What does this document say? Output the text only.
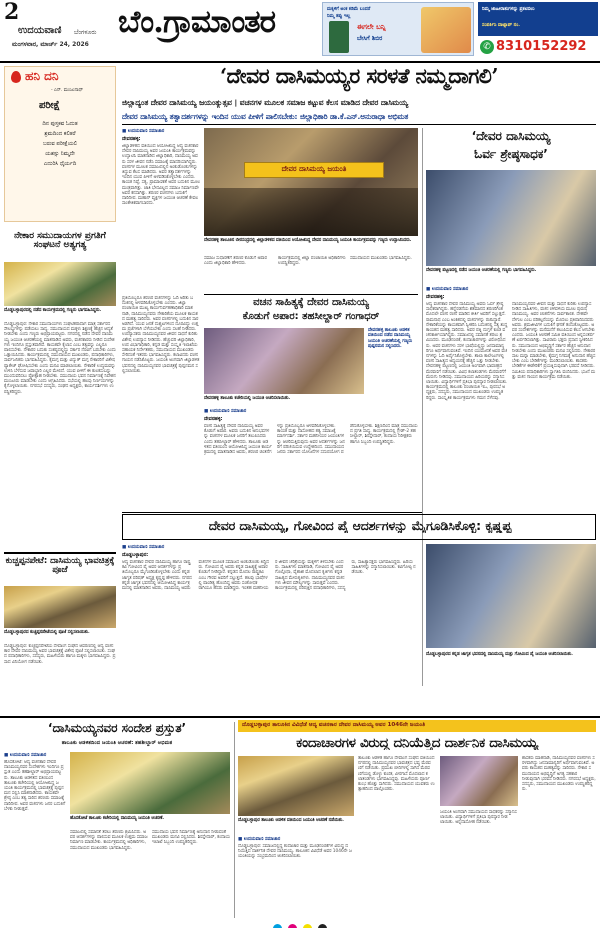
2
ಉದಯವಾಣಿ ಬೆಂಗಳೂರು
ಮಂಗಳವಾರ, ಮಾರ್ಚ್ 24, 2026
ಬೆಂ.ಗ್ರಾಮಾಂತರ	ಮಕ್ಕಳಿಗೆ ಅಂಕ ಕಡಿಮೆ ಬಂದರೆ
ನಿಮ್ಮ ತಪ್ಪು ಇಲ್ಲ
ಈಗಲೇ ಬನ್ನಿ
ಬೇಸಿಗೆ ಶಿಬಿರ
ನಿಮ್ಮ ಜಾಹೀರಾತುಗಳನ್ನು ಪ್ರಕಟಿಸಲು
ಸಂಪರ್ಕಿಸಿ ವಾಟ್ಸಾಪ್ ನಂ.
✆ 8310152292
ಹನಿ ದನಿ
- ಎನ್. ಮಂಜುನಾಥ್
ಪರೀಕ್ಷೆ
ದಿನ ಪುಸ್ತಕವ ಓದುತ
ಶ್ರಮದಿಂದ ಕಲಿತರೆ
ಬರುವ ಪರೀಕ್ಷೆಯಲಿ
ಯಶಸ್ಸು ನಿಮ್ಮದೇ
ಎದುರಿಸಿ ಧೈರ್ಯದಿ
ನೇಕಾರ ಸಮುದಾಯಗಳ ಪ್ರಗತಿಗೆ ಸಂಘಟನೆ ಅತ್ಯಗತ್ಯ
ದೊಡ್ಡಬಳ್ಳಾಪುರದಲ್ಲಿ ನಡೆದ ಕಾರ್ಯಕ್ರಮದಲ್ಲಿ ಗಣ್ಯರು ಭಾಗವಹಿಸಿದ್ದರು.
ದೊಡ್ಡಬಳ್ಳಾಪುರ: ನೇಕಾರ ಸಮುದಾಯಗಳು ಸಂಘಟಿತರಾದಾಗ ಮಾತ್ರ ಸರ್ಕಾರದ ಸೌಲಭ್ಯಗಳನ್ನು ಪಡೆಯಲು ಸಾಧ್ಯ. ಸಮುದಾಯದ ಮಕ್ಕಳು ಶಿಕ್ಷಣಕ್ಕೆ ಹೆಚ್ಚಿನ ಆದ್ಯತೆ ನೀಡಬೇಕು ಎಂದು ಗಣ್ಯರು ಅಭಿಪ್ರಾಯಪಟ್ಟರು. ನಗರದಲ್ಲಿ ನಡೆದ ದೇವರ ದಾಸಿಮಯ್ಯ ಜಯಂತಿ ಆಚರಣೆಯಲ್ಲಿ ಮಾತನಾಡಿದ ಅವರು, ವಚನಕಾರರು ನೀಡಿದ ಸಂದೇಶಗಳು ಇಂದಿಗೂ ಪ್ರಸ್ತುತವಾಗಿವೆ. ಕಾಯಕವೇ ಕೈಲಾಸ ಎಂಬ ತತ್ವವನ್ನು ಎಲ್ಲರೂ ಪಾಲಿಸಬೇಕು. ನೇಕಾರರ ಬದುಕು ಸಂಕಷ್ಟದಲ್ಲಿದ್ದು ಸರ್ಕಾರ ನೆರವಿಗೆ ಬರಬೇಕು ಎಂದು ಒತ್ತಾಯಿಸಿದರು. ಕಾರ್ಯಕ್ರಮದಲ್ಲಿ ಸಮುದಾಯದ ಮುಖಂಡರು, ಪದಾಧಿಕಾರಿಗಳು, ಸಾರ್ವಜನಿಕರು ಭಾಗವಹಿಸಿದ್ದರು. ಕೈಮಗ್ಗ ಮತ್ತು ವಿದ್ಯುತ್ ಮಗ್ಗ ನೇಕಾರರಿಗೆ ವಿಶೇಷ ಪ್ಯಾಕೇಜ್ ಘೋಷಿಸಬೇಕು ಎಂದು ಮನವಿ ಮಾಡಲಾಯಿತು. ನೇಕಾರಿಕೆ ಉದ್ಯಮವನ್ನು ಉಳಿಸಿ ಬೆಳೆಸುವ ಜವಾಬ್ದಾರಿ ಎಲ್ಲರ ಮೇಲಿದೆ. ಯುವ ಪೀಳಿಗೆ ಈ ಕುಲಕಸುಬನ್ನು ಮುಂದುವರಿಸಲು ಪ್ರೋತ್ಸಾಹ ನೀಡಬೇಕು. ಸಮುದಾಯ ಭವನ ನಿರ್ಮಾಣಕ್ಕೆ ನಿವೇಶನ ಮಂಜೂರು ಮಾಡಬೇಕು ಎಂದು ಆಗ್ರಹಿಸಿದರು. ಸಭೆಯಲ್ಲಿ ಹಲವು ನಿರ್ಣಯಗಳನ್ನು ಕೈಗೊಳ್ಳಲಾಯಿತು. ನಗರಸಭೆ ಸದಸ್ಯರು, ಸಂಘದ ಅಧ್ಯಕ್ಷರು, ಕಾರ್ಯದರ್ಶಿಗಳು ಉಪಸ್ಥಿತರಿದ್ದರು.
ಕುಚ್ಚಪ್ಪನಪೇಟೆ: ದಾಸಿಮಯ್ಯ ಭಾವಚಿತ್ರಕ್ಕೆ ಪೂಜೆ
ದೊಡ್ಡಬಳ್ಳಾಪುರದ ಕುಚ್ಚಪ್ಪನಪೇಟೆಯಲ್ಲಿ ಪೂಜೆ ಸಲ್ಲಿಸಲಾಯಿತು.
ದೊಡ್ಡಬಳ್ಳಾಪುರ: ಕುಚ್ಚಪ್ಪನಪೇಟೆಯ ದೇವಾಂಗ ಸಂಘದ ಆವರಣದಲ್ಲಿ ಆದ್ಯ ವಚನಕಾರ ದೇವರ ದಾಸಿಮಯ್ಯ ಅವರ ಭಾವಚಿತ್ರಕ್ಕೆ ವಿಶೇಷ ಪೂಜೆ ಸಲ್ಲಿಸಲಾಯಿತು. ಸಂಘದ ಪದಾಧಿಕಾರಿಗಳು, ಸದಸ್ಯರು, ಮಹಿಳೆಯರು ಹಾಗೂ ಮಕ್ಕಳು ಭಾಗವಹಿಸಿದ್ದರು. ಪ್ರಸಾದ ವಿನಿಯೋಗ ನಡೆಯಿತು.
‘ದೇವರ ದಾಸಿಮಯ್ಯರ ಸರಳತೆ ನಮ್ಮದಾಗಲಿ’
ಜಿಲ್ಲಾದ್ಯಂತ ದೇವರ ದಾಸಿಮಯ್ಯ ಜಯಂತ್ಯುತ್ಸವ | ವಚನಗಳ ಮೂಲಕ ಸಮಾಜ ಕಟ್ಟುವ ಕೆಲಸ ಮಾಡಿದ ದೇವರ ದಾಸಿಮಯ್ಯ
ದೇವರ ದಾಸಿಮಯ್ಯ ತತ್ವಾದರ್ಶಗಳನ್ನು ಇಂದಿನ ಯುವ ಪೀಳಿಗೆ ಪಾಲಿಸಬೇಕು: ಜಿಲ್ಲಾಧಿಕಾರಿ ಡಾ.ಕೆ.ಎನ್.ಅನುರಾಧಾ ಅಭಿಮತ
■ ಉದಯವಾಣಿ ಸಮಾಚಾರ
ದೇವನಹಳ್ಳಿ:
ಜಿಲ್ಲಾಡಳಿತದ ವತಿಯಿಂದ ಆಯೋಜಿಸಿದ್ದ ಆದ್ಯ ವಚನಕಾರ ದೇವರ ದಾಸಿಮಯ್ಯ ಅವರ ಜಯಂತಿ ಕಾರ್ಯಕ್ರಮವನ್ನು ಉದ್ಘಾಟಿಸಿ ಮಾತನಾಡಿದ ಜಿಲ್ಲಾಧಿಕಾರಿ, ದಾಸಿಮಯ್ಯ ಅವರು ಸರಳ ಜೀವನ ನಡೆಸಿ ಸಮಾಜಕ್ಕೆ ಮಾದರಿಯಾಗಿದ್ದರು. ವಚನಗಳ ಮೂಲಕ ಸಮಾಜದಲ್ಲಿನ ಅಂಕುಡೊಂಕುಗಳನ್ನು ತಿದ್ದುವ ಕೆಲಸ ಮಾಡಿದರು. ಅವರ ತತ್ವಾದರ್ಶಗಳನ್ನು ಇಂದಿನ ಯುವ ಪೀಳಿಗೆ ಅಳವಡಿಸಿಕೊಳ್ಳಬೇಕು ಎಂದರು. ಕಾಯಕ ನಿಷ್ಠೆ, ಸತ್ಯ, ಪ್ರಾಮಾಣಿಕತೆ ಅವರ ಬದುಕಿನ ಮೂಲ ಮಂತ್ರವಾಗಿತ್ತು. ಜಾತಿ ಭೇದವಿಲ್ಲದ ಸಮಾಜ ನಿರ್ಮಾಣವೇ ಅವರ ಕನಸಾಗಿತ್ತು. ಶರಣರ ವಚನಗಳು ಬದುಕಿಗೆ ದಾರಿದೀಪ. ಮಹಾನ್ ವ್ಯಕ್ತಿಗಳ ಜಯಂತಿ ಆಚರಣೆ ಕೇವಲ ಸಾಂಕೇತಿಕವಾಗಬಾರದು.
ದೇವರ ದಾಸಿಮಯ್ಯ ಜಯಂತಿ
ದೇವನಹಳ್ಳಿ ತಾಲೂಕಿನ ಬೀರಸಂದ್ರದಲ್ಲಿ ಜಿಲ್ಲಾಡಳಿತದ ವತಿಯಿಂದ ಆಯೋಜಿಸಿದ್ದ ದೇವರ ದಾಸಿಮಯ್ಯ ಜಯಂತಿ ಕಾರ್ಯಕ್ರಮವನ್ನು ಗಣ್ಯರು ಉದ್ಘಾಟಿಸಿದರು.
ಸಮಾಜ ಸುಧಾರಣೆಗೆ ಶರಣರ ಕೊಡುಗೆ ಅಪಾರ ಎಂದು ಜಿಲ್ಲಾಧಿಕಾರಿ ಹೇಳಿದರು.
ಕಾರ್ಯಕ್ರಮದಲ್ಲಿ ಜಿಲ್ಲಾ ಪಂಚಾಯಿತಿ ಅಧಿಕಾರಿಗಳು ಉಪಸ್ಥಿತರಿದ್ದರು.
ಸಮುದಾಯದ ಮುಖಂಡರು ಭಾಗವಹಿಸಿದ್ದರು.
‘ದೇವರ ದಾಸಿಮಯ್ಯ
ಓರ್ವ ಶ್ರೇಷ್ಠಸಾಧಕ’
ದೇವನಹಳ್ಳಿ ಪಟ್ಟಣದಲ್ಲಿ ನಡೆದ ಜಯಂತಿ ಆಚರಣೆಯಲ್ಲಿ ಗಣ್ಯರು ಭಾಗವಹಿಸಿದ್ದರು.
■ ಉದಯವಾಣಿ ಸಮಾಚಾರ
ದೇವನಹಳ್ಳಿ:
ಆದ್ಯ ವಚನಕಾರ ದೇವರ ದಾಸಿಮಯ್ಯ ಅವರು ಓರ್ವ ಶ್ರೇಷ್ಠ ಸಾಧಕರಾಗಿದ್ದರು. ಹನ್ನೆರಡನೆಯ ಶತಮಾನದ ಶರಣರಿಗಿಂತ ಮೊದಲೇ ವಚನ ರಚನೆ ಮಾಡಿದ ಕೀರ್ತಿ ಅವರಿಗೆ ಸಲ್ಲುತ್ತದೆ. ರಾಮನಾಥ ಎಂಬ ಅಂಕಿತದಲ್ಲಿ ವಚನಗಳನ್ನು ರಚಿಸಿದ್ದಾರೆ. ನೇಕಾರಿಕೆಯನ್ನು ಕಾಯಕವಾಗಿ ಸ್ವೀಕರಿಸಿ ಬದುಕಿನಲ್ಲಿ ಸತ್ಯ ಶುದ್ಧ ಕಾಯಕದ ಮಹತ್ವ ಸಾರಿದರು. ಅವರ ಪತ್ನಿ ದುಗ್ಗಳೆ ಕೂಡ ವಚನಕಾರ್ತಿಯಾಗಿದ್ದರು. ಸಮಾಜದಲ್ಲಿ ಸಮಾನತೆ ತರಲು ಶ್ರಮಿಸಿದರು. ಮೂಢನಂಬಿಕೆ, ಕಂದಾಚಾರಗಳನ್ನು ವಿರೋಧಿಸಿದರು. ಅವರ ವಚನಗಳು ಸರಳ ಭಾಷೆಯಲ್ಲಿದ್ದು ಜನಸಾಮಾನ್ಯರಿಗೂ ಅರ್ಥವಾಗುವಂತಿವೆ. ಇಂದಿನ ಯುವಜನತೆ ಅವರ ವಚನಗಳನ್ನು ಓದಿ ಅರ್ಥೈಸಿಕೊಳ್ಳಬೇಕು. ಶಾಲಾ ಕಾಲೇಜುಗಳಲ್ಲಿ ವಚನ ಸಾಹಿತ್ಯದ ಅಧ್ಯಯನಕ್ಕೆ ಹೆಚ್ಚಿನ ಒತ್ತು ನೀಡಬೇಕು. ದೇವನಹಳ್ಳಿ ಪಟ್ಟಣದಲ್ಲಿ ಜಯಂತಿ ಅಂಗವಾಗಿ ಭಾವಚಿತ್ರದ ಮೆರವಣಿಗೆ ನಡೆಯಿತು. ವಿವಿಧ ಕಲಾತಂಡಗಳು ಮೆರವಣಿಗೆಗೆ ಮೆರುಗು ನೀಡಿದವು. ಸಮುದಾಯದ ಹಿರಿಯರನ್ನು ಸನ್ಮಾನಿಸಲಾಯಿತು. ವಿದ್ಯಾರ್ಥಿಗಳಿಗೆ ಪ್ರತಿಭಾ ಪುರಸ್ಕಾರ ನೀಡಲಾಯಿತು. ಕಾರ್ಯಕ್ರಮದಲ್ಲಿ ತಾಲೂಕು ಪಂಚಾಯಿತಿ ಇಒ, ಪುರಸಭೆ ಅಧ್ಯಕ್ಷರು, ಸದಸ್ಯರು, ಸಮುದಾಯದ ಮುಖಂಡರು ಉಪಸ್ಥಿತರಿದ್ದರು. ಸಾಂಸ್ಕೃತಿಕ ಕಾರ್ಯಕ್ರಮಗಳು ಗಮನ ಸೆಳೆದವು.
ದಾಸಿಮಯ್ಯನವರ ಜೀವನ ಮತ್ತು ಸಾಧನೆ ಕುರಿತು ಉಪನ್ಯಾಸ ನೀಡಿದ ಸಾಹಿತಿಗಳು, ವಚನ ಚಳವಳಿಯ ಮೂಲ ಪುರುಷ ದಾಸಿಮಯ್ಯ. ಅವರ ಚಿಂತನೆಗಳು ಸಾರ್ವಕಾಲಿಕ. ದೇಹವೇ ದೇಗುಲ ಎಂಬ ಪರಿಕಲ್ಪನೆಯನ್ನು ಮೊದಲು ಪ್ರತಿಪಾದಿಸಿದವರು ಅವರು. ಶ್ರಮಜೀವಿಗಳ ಬದುಕಿಗೆ ಘನತೆ ತಂದುಕೊಟ್ಟವರು. ಅವರ ಸಂದೇಶಗಳನ್ನು ಮನೆಮನೆಗೆ ತಲುಪಿಸುವ ಕೆಲಸ ಆಗಬೇಕು ಎಂದರು. ಜಯಂತಿ ಆಚರಣೆ ಸಮಿತಿ ವತಿಯಿಂದ ಅನ್ನಸಂತರ್ಪಣೆ ಏರ್ಪಡಿಸಲಾಗಿತ್ತು. ಸಾವಿರಾರು ಭಕ್ತರು ಪ್ರಸಾದ ಸ್ವೀಕರಿಸಿದರು. ಸಮುದಾಯದ ಅಭಿವೃದ್ಧಿಗೆ ಸರ್ಕಾರ ಹೆಚ್ಚಿನ ಅನುದಾನ ನೀಡಬೇಕು ಎಂದು ಮುಖಂಡರು ಮನವಿ ಸಲ್ಲಿಸಿದರು. ನೇಕಾರರ ಸಾಲ ಮನ್ನಾ ಮಾಡಬೇಕು, ಕೈಮಗ್ಗ ನಿಗಮಕ್ಕೆ ಅನುದಾನ ಹೆಚ್ಚಿಸಬೇಕು ಎಂಬ ಬೇಡಿಕೆಗಳನ್ನು ಮಂಡಿಸಲಾಯಿತು. ಶಾಸಕರು ಬೇಡಿಕೆಗಳ ಈಡೇರಿಕೆಗೆ ಪ್ರಯತ್ನಿಸುವುದಾಗಿ ಭರವಸೆ ನೀಡಿದರು. ಸಮಿತಿಯ ಪದಾಧಿಕಾರಿಗಳು ಸ್ವಾಗತಿಸಿ ವಂದಿಸಿದರು. ಭಜನೆ ಮತ್ತು ವಚನ ಗಾಯನ ಕಾರ್ಯಕ್ರಮ ನಡೆಯಿತು.
ವಚನ ಸಾಹಿತ್ಯಕ್ಕೆ ದೇವರ ದಾಸಿಮಯ್ಯ
ಕೊಡುಗೆ ಅಪಾರ: ತಹಸೀಲ್ದಾರ್ ಗಂಗಾಧರ್
ದೇವನಹಳ್ಳಿ ತಾಲೂಕು ಆಡಳಿತ ವತಿಯಿಂದ ನಡೆದ ದಾಸಿಮಯ್ಯ ಜಯಂತಿ ಆಚರಣೆಯಲ್ಲಿ ಗಣ್ಯರು ಪುಷ್ಪನಮನ ಸಲ್ಲಿಸಿದರು.
ದೇವನಹಳ್ಳಿ ತಾಲೂಕು ಕಚೇರಿಯಲ್ಲಿ ಜಯಂತಿ ಆಚರಿಸಲಾಯಿತು.
■ ಉದಯವಾಣಿ ಸಮಾಚಾರ
ದೇವನಹಳ್ಳಿ:
ವಚನ ಸಾಹಿತ್ಯಕ್ಕೆ ದೇವರ ದಾಸಿಮಯ್ಯ ಅವರ ಕೊಡುಗೆ ಅಪಾರ. ಅವರು ಬದುಕಿನ ಅನುಭವಗಳನ್ನು ವಚನಗಳ ಮೂಲಕ ಜನರಿಗೆ ತಲುಪಿಸಿದರು ಎಂದು ತಹಸೀಲ್ದಾರ್ ಹೇಳಿದರು. ತಾಲೂಕು ಆಡಳಿತದ ವತಿಯಿಂದ ಆಯೋಜಿಸಿದ್ದ ಜಯಂತಿ ಕಾರ್ಯಕ್ರಮದಲ್ಲಿ ಮಾತನಾಡಿದ ಅವರು, ಶರಣರ ಚಿಂತನೆಗಳನ್ನು ಪ್ರತಿಯೊಬ್ಬರೂ ಅಳವಡಿಸಿಕೊಳ್ಳಬೇಕು. ಕಾಯಕ ಮತ್ತು ದಾಸೋಹದ ತತ್ವ ಸಮಾಜಕ್ಕೆ ಮಾರ್ಗದರ್ಶಿ. ಸರ್ಕಾರ ಮಹನೀಯರ ಜಯಂತಿಗಳನ್ನು ಆಚರಿಸುತ್ತಿರುವುದು ಅವರ ಆದರ್ಶಗಳನ್ನು ಜನರಿಗೆ ಪರಿಚಯಿಸುವ ಉದ್ದೇಶದಿಂದ. ಸಮುದಾಯದ ಜನರು ಸರ್ಕಾರದ ಯೋಜನೆಗಳ ಸದುಪಯೋಗ ಪಡೆದುಕೊಳ್ಳಬೇಕು. ಶಿಕ್ಷಣದಿಂದ ಮಾತ್ರ ಸಮುದಾಯದ ಪ್ರಗತಿ ಸಾಧ್ಯ. ಕಾರ್ಯಕ್ರಮದಲ್ಲಿ ಗ್ರೇಡ್-2 ತಹಸೀಲ್ದಾರ್, ಶಿರಸ್ತೇದಾರ್, ಕಂದಾಯ ನಿರೀಕ್ಷಕರು ಹಾಗೂ ಸಿಬ್ಬಂದಿ ಉಪಸ್ಥಿತರಿದ್ದರು.
ಪ್ರತಿಯೊಬ್ಬರೂ ಶರಣರ ವಚನಗಳನ್ನು ಓದಿ ಅರಿತು ಬದುಕಿನಲ್ಲಿ ಅಳವಡಿಸಿಕೊಳ್ಳಬೇಕು ಎಂದರು. ಜಿಲ್ಲಾ ಪಂಚಾಯಿತಿ ಮುಖ್ಯ ಕಾರ್ಯನಿರ್ವಹಣಾಧಿಕಾರಿ ಮಾತನಾಡಿ, ದಾಸಿಮಯ್ಯನವರು ನೇಕಾರಿಕೆಯ ಮೂಲಕ ಕಾಯಕದ ಮಹತ್ವ ಸಾರಿದರು. ಅವರ ವಚನಗಳಲ್ಲಿ ಬದುಕಿನ ಸಾರ ಅಡಗಿದೆ. ಯುವ ಜನತೆ ದುಶ್ಚಟಗಳಿಂದ ದೂರವಿದ್ದು ಉತ್ತಮ ಪ್ರಜೆಗಳಾಗಿ ಬೆಳೆಯಬೇಕು ಎಂದು ಸಲಹೆ ನೀಡಿದರು. ಉಪನ್ಯಾಸಕರು ದಾಸಿಮಯ್ಯನವರ ಜೀವನ ಸಾಧನೆ ಕುರಿತು ವಿಶೇಷ ಉಪನ್ಯಾಸ ನೀಡಿದರು. ಹೆಚ್ಚುವರಿ ಜಿಲ್ಲಾಧಿಕಾರಿ, ಉಪ ವಿಭಾಗಾಧಿಕಾರಿ, ಕನ್ನಡ ಮತ್ತು ಸಂಸ್ಕೃತಿ ಇಲಾಖೆಯ ಸಹಾಯಕ ನಿರ್ದೇಶಕರು, ಸಮುದಾಯದ ಮುಖಂಡರು ಸೇರಿದಂತೆ ಇತರರು ಭಾಗವಹಿಸಿದ್ದರು. ಕಲಾವಿದರು ವಚನ ಗಾಯನ ನಡೆಸಿಕೊಟ್ಟರು. ಜಯಂತಿ ಅಂಗವಾಗಿ ಜಿಲ್ಲಾಡಳಿತ ಭವನದಲ್ಲಿ ದಾಸಿಮಯ್ಯನವರ ಭಾವಚಿತ್ರಕ್ಕೆ ಪುಷ್ಪನಮನ ಸಲ್ಲಿಸಲಾಯಿತು.
ದೇವರ ದಾಸಿಮಯ್ಯ, ಗೋವಿಂದ ಪೈ ಆದರ್ಶಗಳನ್ನು ಮೈಗೂಡಿಸಿಕೊಳ್ಳಿ: ಕೃಷ್ಣಪ್ಪ
■ ಉದಯವಾಣಿ ಸಮಾಚಾರ
ದೊಡ್ಡಬಳ್ಳಾಪುರ:
ಆದ್ಯ ವಚನಕಾರ ದೇವರ ದಾಸಿಮಯ್ಯ ಹಾಗೂ ರಾಷ್ಟ್ರಕವಿ ಗೋವಿಂದ ಪೈ ಅವರ ಆದರ್ಶಗಳನ್ನು ಪ್ರತಿಯೊಬ್ಬರೂ ಮೈಗೂಡಿಸಿಕೊಳ್ಳಬೇಕು ಎಂದು ಕನ್ನಡ ಜಾಗೃತ ಪರಿಷತ್ ಅಧ್ಯಕ್ಷ ಕೃಷ್ಣಪ್ಪ ಹೇಳಿದರು. ನಗರದ ಕನ್ನಡ ಜಾಗೃತ ಭವನದಲ್ಲಿ ಆಯೋಜಿಸಿದ್ದ ಕಾರ್ಯಕ್ರಮದಲ್ಲಿ ಮಾತನಾಡಿದ ಅವರು, ದಾಸಿಮಯ್ಯ ಅವರು ವಚನಗಳ ಮೂಲಕ ಸಮಾಜದ ಅಂಕುಡೊಂಕು ತಿದ್ದಿದರು. ಗೋವಿಂದ ಪೈ ಅವರು ಕನ್ನಡ ಸಾಹಿತ್ಯಕ್ಕೆ ಅಪಾರ ಕೊಡುಗೆ ನೀಡಿದ್ದಾರೆ. ಕನ್ನಡದ ಮೊದಲ ರಾಷ್ಟ್ರಕವಿ ಎಂಬ ಗೌರವ ಅವರಿಗೆ ಸಲ್ಲುತ್ತದೆ. ಹಲವು ಭಾಷೆಗಳಲ್ಲಿ ಪಾಂಡಿತ್ಯ ಹೊಂದಿದ್ದ ಅವರು ಸಂಶೋಧಕರಾಗಿಯೂ ಹೆಸರು ಮಾಡಿದ್ದರು. ಇಂತಹ ಮಹನೀಯರ ಜೀವನ ಚರಿತ್ರೆಯನ್ನು ಮಕ್ಕಳಿಗೆ ತಿಳಿಸಬೇಕು ಎಂದರು. ಸಾಹಿತಿಗಳು ಮಾತನಾಡಿ, ಗೋವಿಂದ ಪೈ ಅವರ ಗೊಲ್ಗೊಥಾ, ವೈಶಾಖಿ ಮೊದಲಾದ ಕೃತಿಗಳು ಕನ್ನಡ ಸಾಹಿತ್ಯದ ಮೇರುಕೃತಿಗಳು. ದಾಸಿಮಯ್ಯನವರ ವಚನಗಳು ಜೀವನ ಮೌಲ್ಯಗಳನ್ನು ಸಾರುತ್ತವೆ ಎಂದರು. ಕಾರ್ಯಕ್ರಮದಲ್ಲಿ ಪರಿಷತ್ತಿನ ಪದಾಧಿಕಾರಿಗಳು, ಸದಸ್ಯರು, ಸಾಹಿತ್ಯಾಸಕ್ತರು ಭಾಗವಹಿಸಿದ್ದರು. ಹಿರಿಯ ಸಾಹಿತಿಗಳನ್ನು ಸನ್ಮಾನಿಸಲಾಯಿತು. ಕವಿಗೋಷ್ಠಿ ನಡೆಯಿತು.
ದೊಡ್ಡಬಳ್ಳಾಪುರದ ಕನ್ನಡ ಜಾಗೃತ ಭವನದಲ್ಲಿ ದಾಸಿಮಯ್ಯ ಮತ್ತು ಗೋವಿಂದ ಪೈ ಜಯಂತಿ ಆಚರಿಸಲಾಯಿತು.
‘ದಾಸಿಮಯ್ಯನವರ ಸಂದೇಶ ಪ್ರಸ್ತುತ’
ತಾಲೂಕು ಆಡಳಿತದಿಂದ ಜಯಂತಿ ಆಚರಣೆ: ತಹಶೀಲ್ದಾರ್ ಅಭಿಮತ
■ ಉದಯವಾಣಿ ಸಮಾಚಾರ
ಹೊಸಕೋಟೆ: ಆದ್ಯ ವಚನಕಾರ ದೇವರ ದಾಸಿಮಯ್ಯನವರ ಸಂದೇಶಗಳು ಇಂದಿಗೂ ಪ್ರಸ್ತುತ ಎಂದು ತಹಶೀಲ್ದಾರ್ ಅಭಿಪ್ರಾಯಪಟ್ಟರು. ತಾಲೂಕು ಆಡಳಿತದ ವತಿಯಿಂದ ತಾಲೂಕು ಕಚೇರಿಯಲ್ಲಿ ಆಯೋಜಿಸಿದ್ದ ಜಯಂತಿ ಕಾರ್ಯಕ್ರಮದಲ್ಲಿ ಭಾವಚಿತ್ರಕ್ಕೆ ಪುಷ್ಪನಮನ ಸಲ್ಲಿಸಿ ಮಾತನಾಡಿದರು. ಕಾಯಕವೇ ಶ್ರೇಷ್ಠ ಎಂಬ ತತ್ವ ಸಾರಿದ ಶರಣರು ಸಮಾಜಕ್ಕೆ ದಾರಿದೀಪ. ಅವರ ವಚನಗಳು ಜನರ ಬದುಕಿಗೆ ಬೆಳಕು ನೀಡುತ್ತವೆ.
ಹೊಸಕೋಟೆ ತಾಲೂಕು ಕಚೇರಿಯಲ್ಲಿ ದಾಸಿಮಯ್ಯ ಜಯಂತಿ ಆಚರಣೆ.
ಸಮಾಜದಲ್ಲಿ ಸಮಾನತೆ ತರಲು ಶರಣರು ಶ್ರಮಿಸಿದರು. ಅವರ ಆದರ್ಶಗಳನ್ನು ಪಾಲಿಸುವ ಮೂಲಕ ಉತ್ತಮ ಸಮಾಜ ನಿರ್ಮಾಣ ಮಾಡಬೇಕು. ಕಾರ್ಯಕ್ರಮದಲ್ಲಿ ಅಧಿಕಾರಿಗಳು, ಸಮುದಾಯದ ಮುಖಂಡರು ಭಾಗವಹಿಸಿದ್ದರು.
ಸಮುದಾಯ ಭವನ ನಿರ್ಮಾಣಕ್ಕೆ ಅನುದಾನ ನೀಡುವಂತೆ ಮುಖಂಡರು ಮನವಿ ಸಲ್ಲಿಸಿದರು. ಶಿರಸ್ತೇದಾರ್, ಕಂದಾಯ ಇಲಾಖೆ ಸಿಬ್ಬಂದಿ ಉಪಸ್ಥಿತರಿದ್ದರು.
ದೊಡ್ಡಬಳ್ಳಾಪುರ ತಾಲೂಕಿನ ವಿವಿಧೆಡೆ ಆದ್ಯ ವಚನಕಾರ ದೇವರ ದಾಸಿಮಯ್ಯ ಅವರ 1046ನೇ ಜಯಂತಿ
ಕಂದಾಚಾರಗಳ ವಿರುದ್ಧ ದನಿಯೆತ್ತಿದ ದಾರ್ಶನಿಕ ದಾಸಿಮಯ್ಯ
ದೊಡ್ಡಬಳ್ಳಾಪುರ ತಾಲೂಕು ಆಡಳಿತ ವತಿಯಿಂದ ಜಯಂತಿ ಆಚರಣೆ ನಡೆಯಿತು.
■ ಉದಯವಾಣಿ ಸಮಾಚಾರ
ದೊಡ್ಡಬಳ್ಳಾಪುರ: ಸಮಾಜದಲ್ಲಿದ್ದ ಕಂದಾಚಾರ ಮತ್ತು ಮೂಢನಂಬಿಕೆಗಳ ವಿರುದ್ಧ ದನಿಯೆತ್ತಿದ ದಾರ್ಶನಿಕ ದೇವರ ದಾಸಿಮಯ್ಯ. ತಾಲೂಕಿನ ವಿವಿಧೆಡೆ ಅವರ 1046ನೇ ಜಯಂತಿಯನ್ನು ಸಂಭ್ರಮದಿಂದ ಆಚರಿಸಲಾಯಿತು.
ತಾಲೂಕು ಆಡಳಿತ ಹಾಗೂ ದೇವಾಂಗ ಸಂಘದ ವತಿಯಿಂದ ನಗರದಲ್ಲಿ ದಾಸಿಮಯ್ಯನವರ ಭಾವಚಿತ್ರದ ಭವ್ಯ ಮೆರವಣಿಗೆ ನಡೆಯಿತು. ಪ್ರಮುಖ ಬೀದಿಗಳಲ್ಲಿ ಸಾಗಿದ ಮೆರವಣಿಗೆಯಲ್ಲಿ ಡೊಳ್ಳು ಕುಣಿತ, ವೀರಗಾಸೆ ಮೊದಲಾದ ಕಲಾತಂಡಗಳು ಭಾಗವಹಿಸಿದ್ದವು. ಮಹಿಳೆಯರು ಪೂರ್ಣಕುಂಭ ಹೊತ್ತು ಸಾಗಿದರು. ಸಮುದಾಯದ ಯುವಕರು ಉತ್ಸಾಹದಿಂದ ಪಾಲ್ಗೊಂಡರು.
ಜಯಂತಿ ಅಂಗವಾಗಿ ಸಮುದಾಯದ ಸಾಧಕರನ್ನು ಸನ್ಮಾನಿಸಲಾಯಿತು. ವಿದ್ಯಾರ್ಥಿಗಳಿಗೆ ಪ್ರತಿಭಾ ಪುರಸ್ಕಾರ ನೀಡಲಾಯಿತು. ಅನ್ನದಾಸೋಹ ನಡೆಯಿತು.
ಶಾಸಕರು ಮಾತನಾಡಿ, ದಾಸಿಮಯ್ಯನವರ ವಚನಗಳು ಸರಳವಾಗಿದ್ದು ಜನಸಾಮಾನ್ಯರಿಗೆ ಅರ್ಥವಾಗುವಂತಿವೆ. ಅವರು ಕಾಯಕದ ಮಹತ್ವವನ್ನು ಸಾರಿದರು. ನೇಕಾರ ಸಮುದಾಯದ ಅಭಿವೃದ್ಧಿಗೆ ಅಗತ್ಯ ಸಹಕಾರ ನೀಡುವುದಾಗಿ ಭರವಸೆ ನೀಡಿದರು. ನಗರಸಭೆ ಅಧ್ಯಕ್ಷರು, ಸದಸ್ಯರು, ಸಮುದಾಯದ ಮುಖಂಡರು ಉಪಸ್ಥಿತರಿದ್ದರು.
